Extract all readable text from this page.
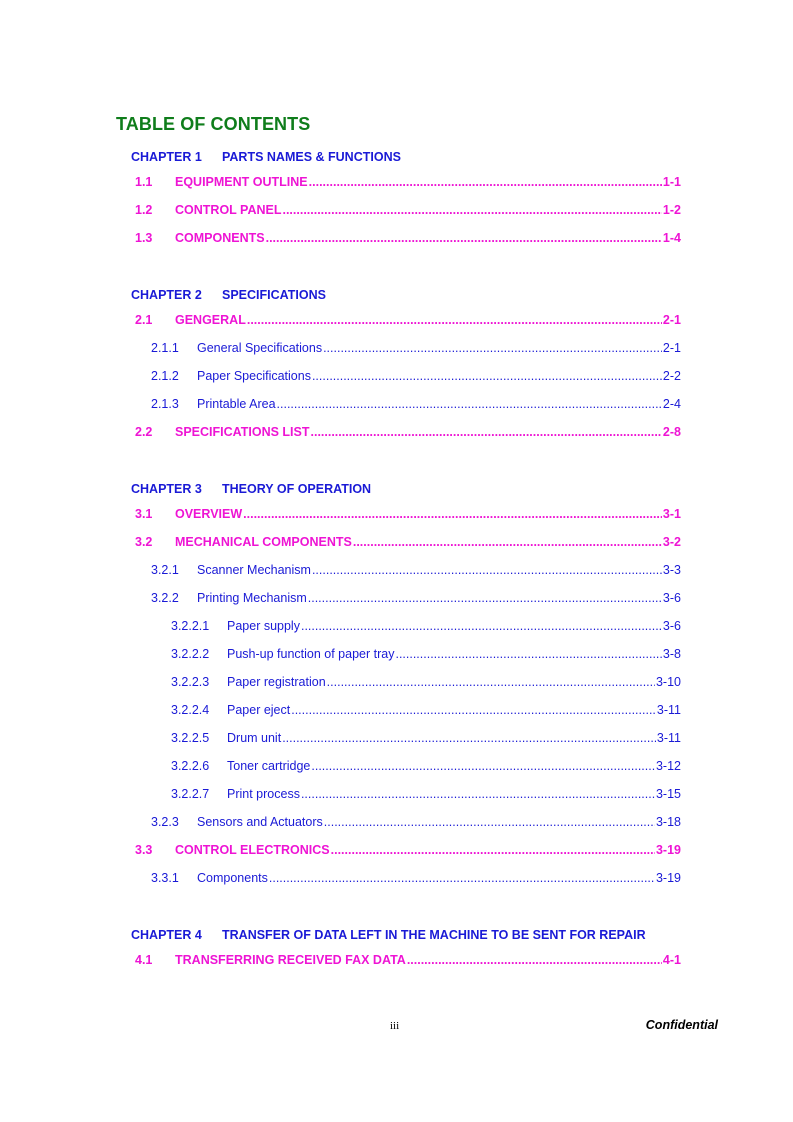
TABLE OF CONTENTS
CHAPTER 1	PARTS NAMES & FUNCTIONS
1.1	EQUIPMENT OUTLINE .....	1-1
1.2	CONTROL PANEL .....	1-2
1.3	COMPONENTS .....	1-4
CHAPTER 2	SPECIFICATIONS
2.1	GENGERAL .....	2-1
2.1.1	General Specifications .....	2-1
2.1.2	Paper Specifications .....	2-2
2.1.3	Printable Area .....	2-4
2.2	SPECIFICATIONS LIST .....	2-8
CHAPTER 3	THEORY OF OPERATION
3.1	OVERVIEW .....	3-1
3.2	MECHANICAL COMPONENTS .....	3-2
3.2.1	Scanner Mechanism .....	3-3
3.2.2	Printing Mechanism .....	3-6
3.2.2.1	Paper supply .....	3-6
3.2.2.2	Push-up function of paper tray .....	3-8
3.2.2.3	Paper registration .....	3-10
3.2.2.4	Paper eject .....	3-11
3.2.2.5	Drum unit .....	3-11
3.2.2.6	Toner cartridge .....	3-12
3.2.2.7	Print process .....	3-15
3.2.3	Sensors and Actuators .....	3-18
3.3	CONTROL ELECTRONICS .....	3-19
3.3.1	Components .....	3-19
CHAPTER 4	TRANSFER OF DATA LEFT IN THE MACHINE TO BE SENT FOR REPAIR
4.1	TRANSFERRING RECEIVED FAX DATA .....	4-1
iii	Confidential
